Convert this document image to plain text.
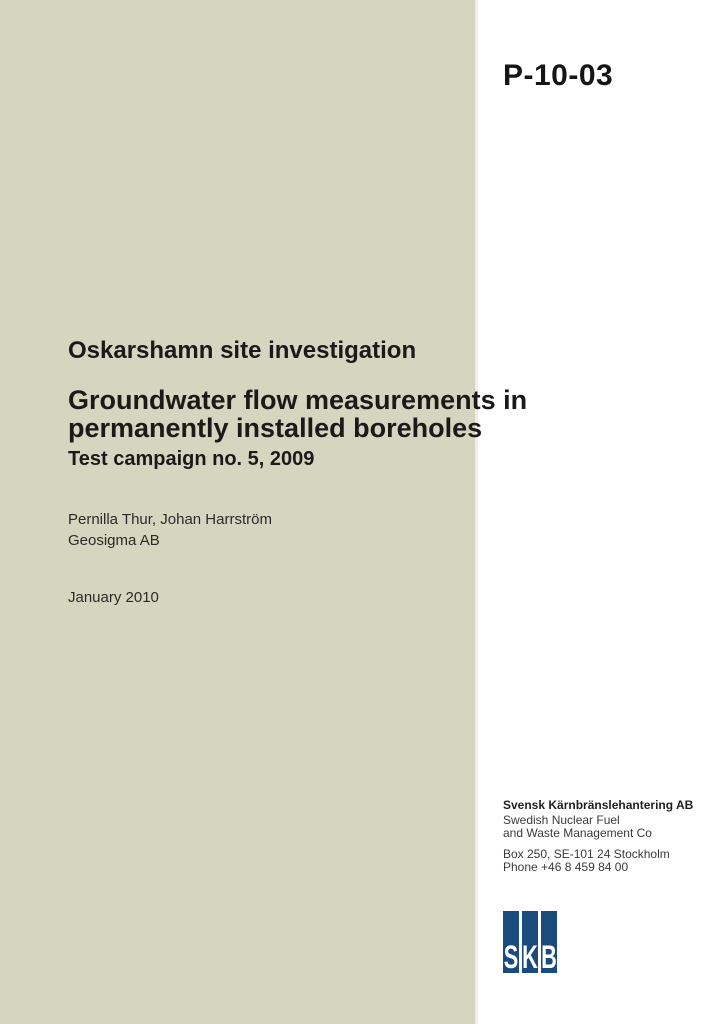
P-10-03
Oskarshamn site investigation
Groundwater flow measurements in
permanently installed boreholes
Test campaign no. 5, 2009
Pernilla Thur, Johan Harrström
Geosigma AB
January 2010
Svensk Kärnbränslehantering AB
Swedish Nuclear Fuel
and Waste Management Co
Box 250, SE-101 24 Stockholm
Phone +46 8 459 84 00
S K B
